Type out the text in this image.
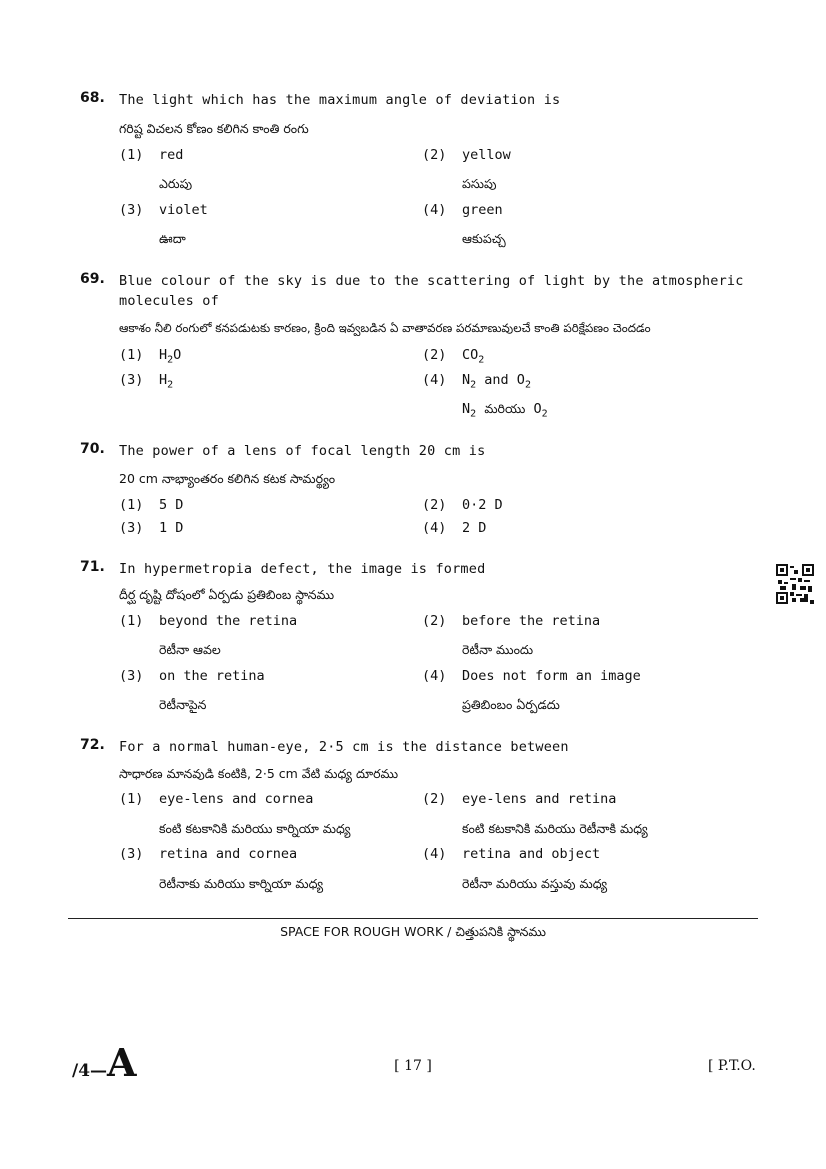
68. The light which has the maximum angle of deviation is
గరిష్ట విచలన కోణం కలిగిన కాంతి రంగు
(1) red
ఎరుపు
(2) yellow
పసుపు
(3) violet
ఊదా
(4) green
ఆకుపచ్చ
69. Blue colour of the sky is due to the scattering of light by the atmospheric molecules of
ఆకాశం నీలి రంగులో కనపడుటకు కారణం, క్రింది ఇవ్వబడిన ఏ వాతావరణ పరమాణువులచే కాంతి పరిక్షేపణం చెందడం
(1) $H_2O$	(2) $CO_2$
(3) $H_2$	(4) $N_2$ and $O_2$
$N_2$ మరియు $O_2$
70. The power of a lens of focal length 20 cm is
20 cm నాభ్యాంతరం కలిగిన కటక సామర్థ్యం
(1) 5 D	(2) 0·2 D
(3) 1 D	(4) 2 D
71. In hypermetropia defect, the image is formed
దీర్ఘ దృష్టి దోషంలో ఏర్పడు ప్రతిబింబ స్థానము
(1) beyond the retina
రెటీనా ఆవల
(2) before the retina
రెటీనా ముందు
(3) on the retina
రెటీనాపైన
(4) Does not form an image
ప్రతిబింబం ఏర్పడదు
72. For a normal human-eye, 2·5 cm is the distance between
సాధారణ మానవుడి కంటికి, 2·5 cm వేటి మధ్య దూరము
(1) eye-lens and cornea
కంటి కటకానికి మరియు కార్నియా మధ్య
(2) eye-lens and retina
కంటి కటకానికి మరియు రెటీనాకి మధ్య
(3) retina and cornea
రెటీనాకు మరియు కార్నియా మధ్య
(4) retina and object
రెటీనా మరియు వస్తువు మధ్య
SPACE FOR ROUGH WORK / చిత్తుపనికి స్థానము
/4—A	[ 17 ]	[ P.T.O.
